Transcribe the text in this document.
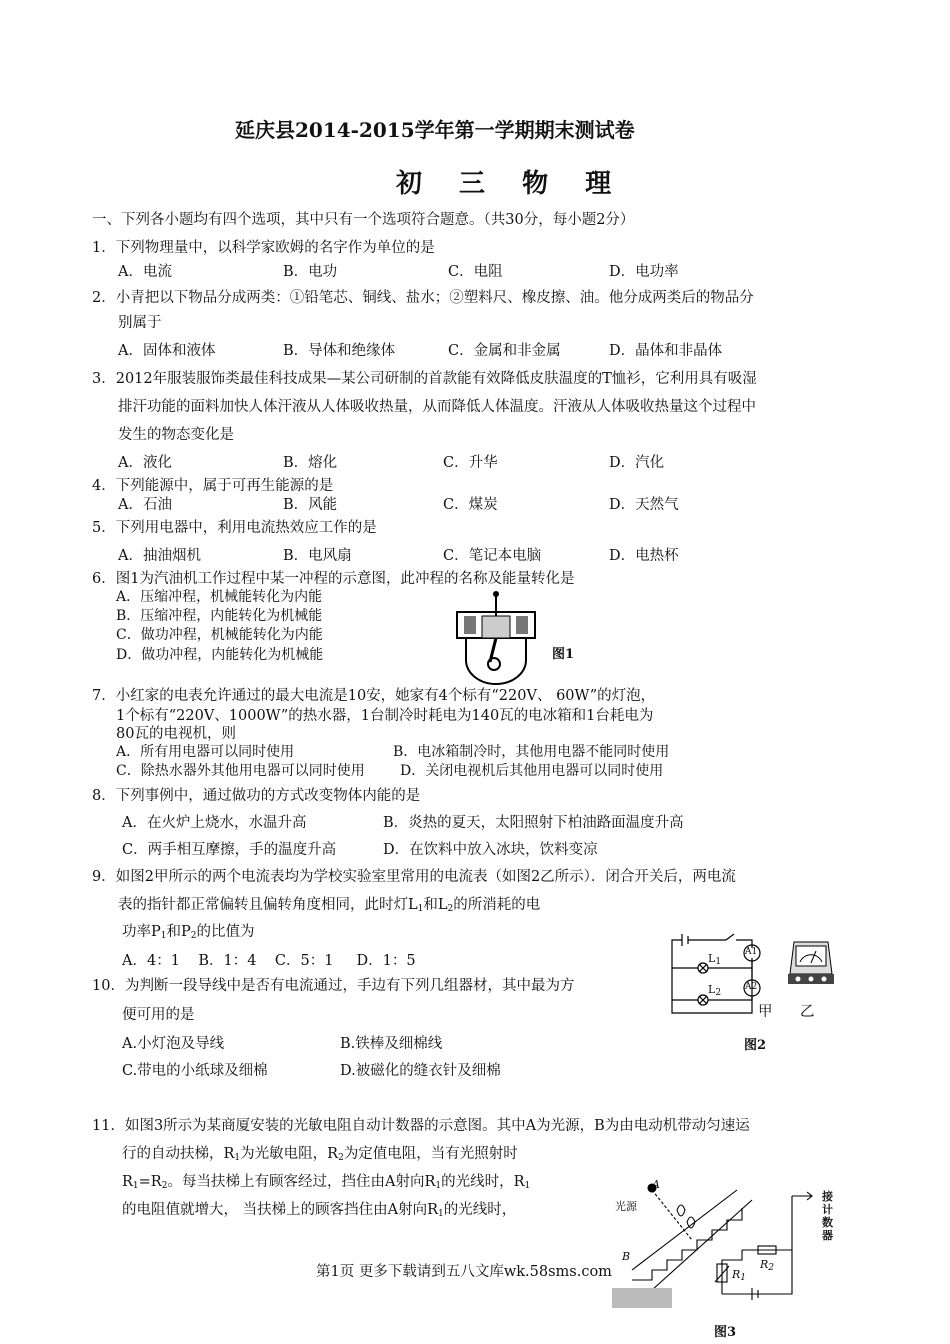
延庆县2014-2015学年第一学期期末测试卷
初 三 物 理
一、下列各小题均有四个选项，其中只有一个选项符合题意。（共30分，每小题2分）
1．下列物理量中，以科学家欧姆的名字作为单位的是
A．电流	B．电功	C．电阻	D．电功率
2．小青把以下物品分成两类：①铅笔芯、铜线、盐水；②塑料尺、橡皮擦、油。他分成两类后的物品分
别属于
A．固体和液体	B．导体和绝缘体	C．金属和非金属	D．晶体和非晶体
3．2012年服装服饰类最佳科技成果—某公司研制的首款能有效降低皮肤温度的T恤衫，它利用具有吸湿
排汗功能的面料加快人体汗液从人体吸收热量，从而降低人体温度。汗液从人体吸收热量这个过程中
发生的物态变化是
A．液化	B．熔化	C．升华	D．汽化
4．下列能源中，属于可再生能源的是
A．石油	B．风能	C．煤炭	D．天然气
5．下列用电器中，利用电流热效应工作的是
A．抽油烟机	B．电风扇	C．笔记本电脑	D．电热杯
6．图1为汽油机工作过程中某一冲程的示意图，此冲程的名称及能量转化是
A．压缩冲程，机械能转化为内能
B．压缩冲程，内能转化为机械能
C．做功冲程，机械能转化为内能
D．做功冲程，内能转化为机械能	图1
7．小红家的电表允许通过的最大电流是10安，她家有4个标有“220V、 60W”的灯泡，
1个标有“220V、1000W”的热水器，1台制冷时耗电为140瓦的电冰箱和1台耗电为
80瓦的电视机，则
A．所有用电器可以同时使用	B．电冰箱制冷时，其他用电器不能同时使用
C．除热水器外其他用电器可以同时使用	D．关闭电视机后其他用电器可以同时使用
8．下列事例中，通过做功的方式改变物体内能的是
A．在火炉上烧水，水温升高	B．炎热的夏天，太阳照射下柏油路面温度升高
C．两手相互摩擦，手的温度升高	D．在饮料中放入冰块，饮料变凉
9．如图2甲所示的两个电流表均为学校实验室里常用的电流表（如图2乙所示）．闭合开关后，两电流
表的指针都正常偏转且偏转角度相同，此时灯$L_1$和$L_2$的所消耗的电
功率$P_1$和$P_2$的比值为
A．4：1    B．1：4    C．5：1     D．1：5	$L_1$
$L_2$
A1
A2
甲 乙
图2
10．为判断一段导线中是否有电流通过，手边有下列几组器材，其中最为方
便可用的是
A.小灯泡及导线	B.铁棒及细棉线
C.带电的小纸球及细棉	D.被磁化的缝衣针及细棉
11．如图3所示为某商厦安装的光敏电阻自动计数器的示意图。其中A为光源，B为由电动机带动匀速运
行的自动扶梯，$R_1$为光敏电阻，$R_2$为定值电阻，当有光照射时
$R_1=R_2$。每当扶梯上有顾客经过，挡住由A射向$R_1$的光线时，$R_1$
的电阻值就增大， 当扶梯上的顾客挡住由A射向$R_1$的光线时，
A
光源
B
$R_1$
$R_2$
接
计
数
器
图3
第1页 更多下载请到五八文库wk.58sms.com
